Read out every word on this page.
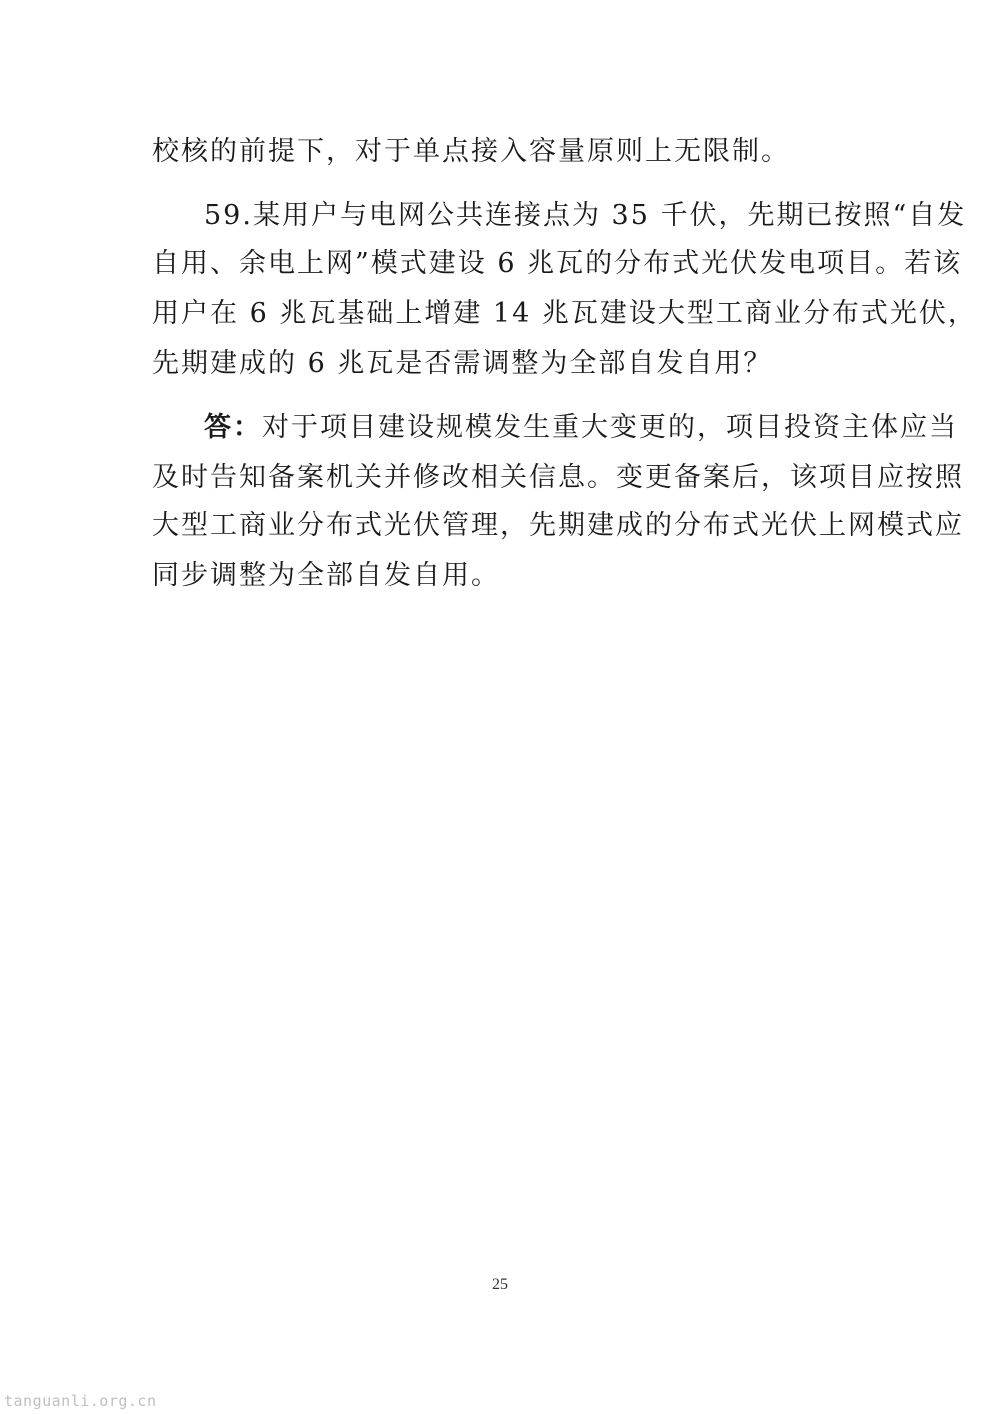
校核的前提下，对于单点接入容量原则上无限制。
59.某用户与电网公共连接点为 35 千伏，先期已按照“自发
自用、余电上网”模式建设 6 兆瓦的分布式光伏发电项目。若该
用户在 6 兆瓦基础上增建 14 兆瓦建设大型工商业分布式光伏，
先期建成的 6 兆瓦是否需调整为全部自发自用？
答：对于项目建设规模发生重大变更的，项目投资主体应当
及时告知备案机关并修改相关信息。变更备案后，该项目应按照
大型工商业分布式光伏管理，先期建成的分布式光伏上网模式应
同步调整为全部自发自用。
25
tanguanli.org.cn
